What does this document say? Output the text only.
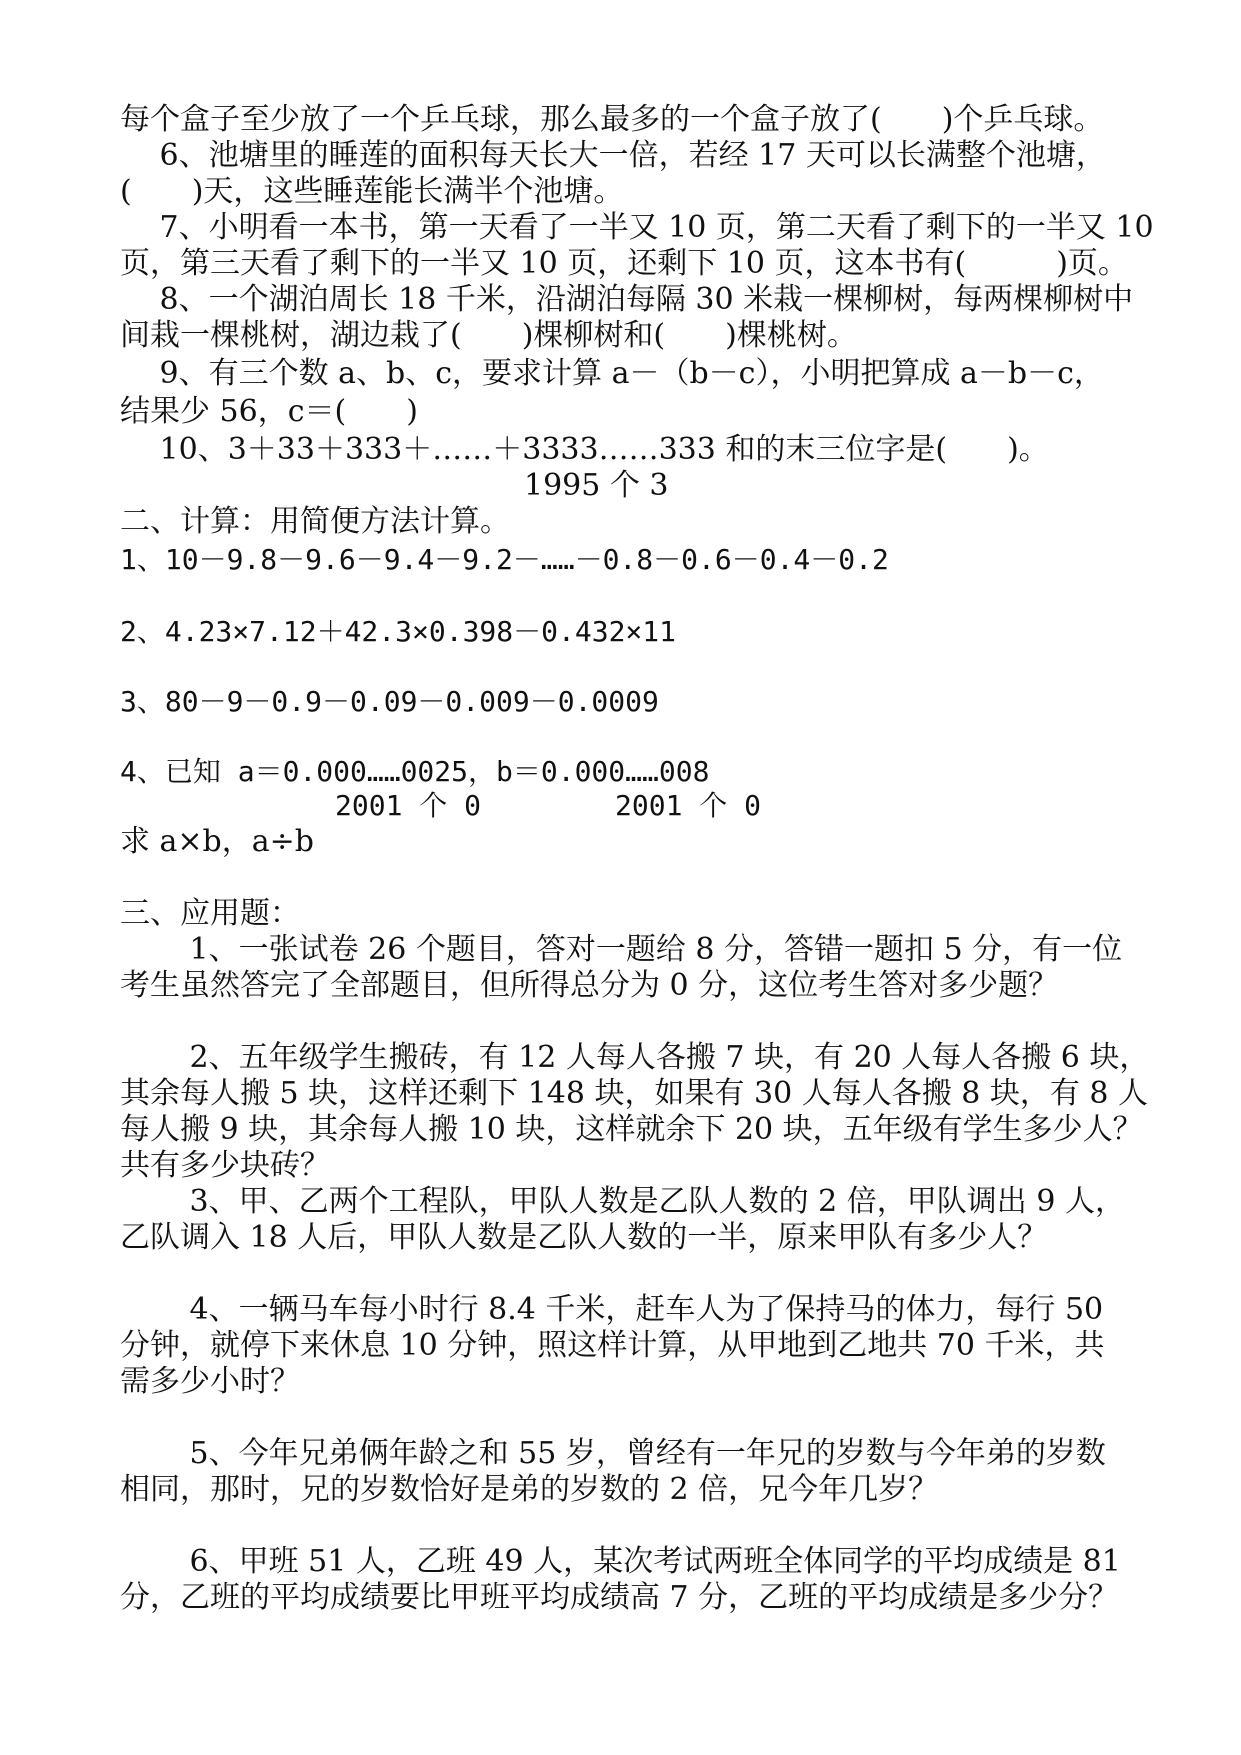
每个盒子至少放了一个乒乓球，那么最多的一个盒子放了(　　)个乒乓球。
　 6、池塘里的睡莲的面积每天长大一倍，若经 17 天可以长满整个池塘，
(　　)天，这些睡莲能长满半个池塘。
　 7、小明看一本书，第一天看了一半又 10 页，第二天看了剩下的一半又 10
页，第三天看了剩下的一半又 10 页，还剩下 10 页，这本书有(　　　)页。
　 8、一个湖泊周长 18 千米，沿湖泊每隔 30 米栽一棵柳树，每两棵柳树中
间栽一棵桃树，湖边栽了(　　)棵柳树和(　　)棵桃树。
　 9、有三个数 a、b、c，要求计算 a－（b－c），小明把算成 a－b－c，
结果少 56，c＝(　　)
　 10、3＋33＋333＋……＋3333……333 和的末三位字是(　　)。
1995 个 3
二、计算：用简便方法计算。
1、10－9.8－9.6－9.4－9.2－……－0.8－0.6－0.4－0.2
2、4.23×7.12＋42.3×0.398－0.432×11
3、80－9－0.9－0.09－0.009－0.0009
4、已知 a＝0.000……0025，b＝0.000……008
2001 个 0	2001 个 0
求 a×b，a÷b
三、应用题：
　　 1、一张试卷 26 个题目，答对一题给 8 分，答错一题扣 5 分，有一位
考生虽然答完了全部题目，但所得总分为 0 分，这位考生答对多少题？
　　 2、五年级学生搬砖，有 12 人每人各搬 7 块，有 20 人每人各搬 6 块，
其余每人搬 5 块，这样还剩下 148 块，如果有 30 人每人各搬 8 块，有 8 人
每人搬 9 块，其余每人搬 10 块，这样就余下 20 块，五年级有学生多少人？
共有多少块砖？
　　 3、甲、乙两个工程队，甲队人数是乙队人数的 2 倍，甲队调出 9 人，
乙队调入 18 人后，甲队人数是乙队人数的一半，原来甲队有多少人？
　　 4、一辆马车每小时行 8.4 千米，赶车人为了保持马的体力，每行 50
分钟，就停下来休息 10 分钟，照这样计算，从甲地到乙地共 70 千米，共
需多少小时？
　　 5、今年兄弟俩年龄之和 55 岁，曾经有一年兄的岁数与今年弟的岁数
相同，那时，兄的岁数恰好是弟的岁数的 2 倍，兄今年几岁？
　　 6、甲班 51 人，乙班 49 人，某次考试两班全体同学的平均成绩是 81
分，乙班的平均成绩要比甲班平均成绩高 7 分，乙班的平均成绩是多少分？
